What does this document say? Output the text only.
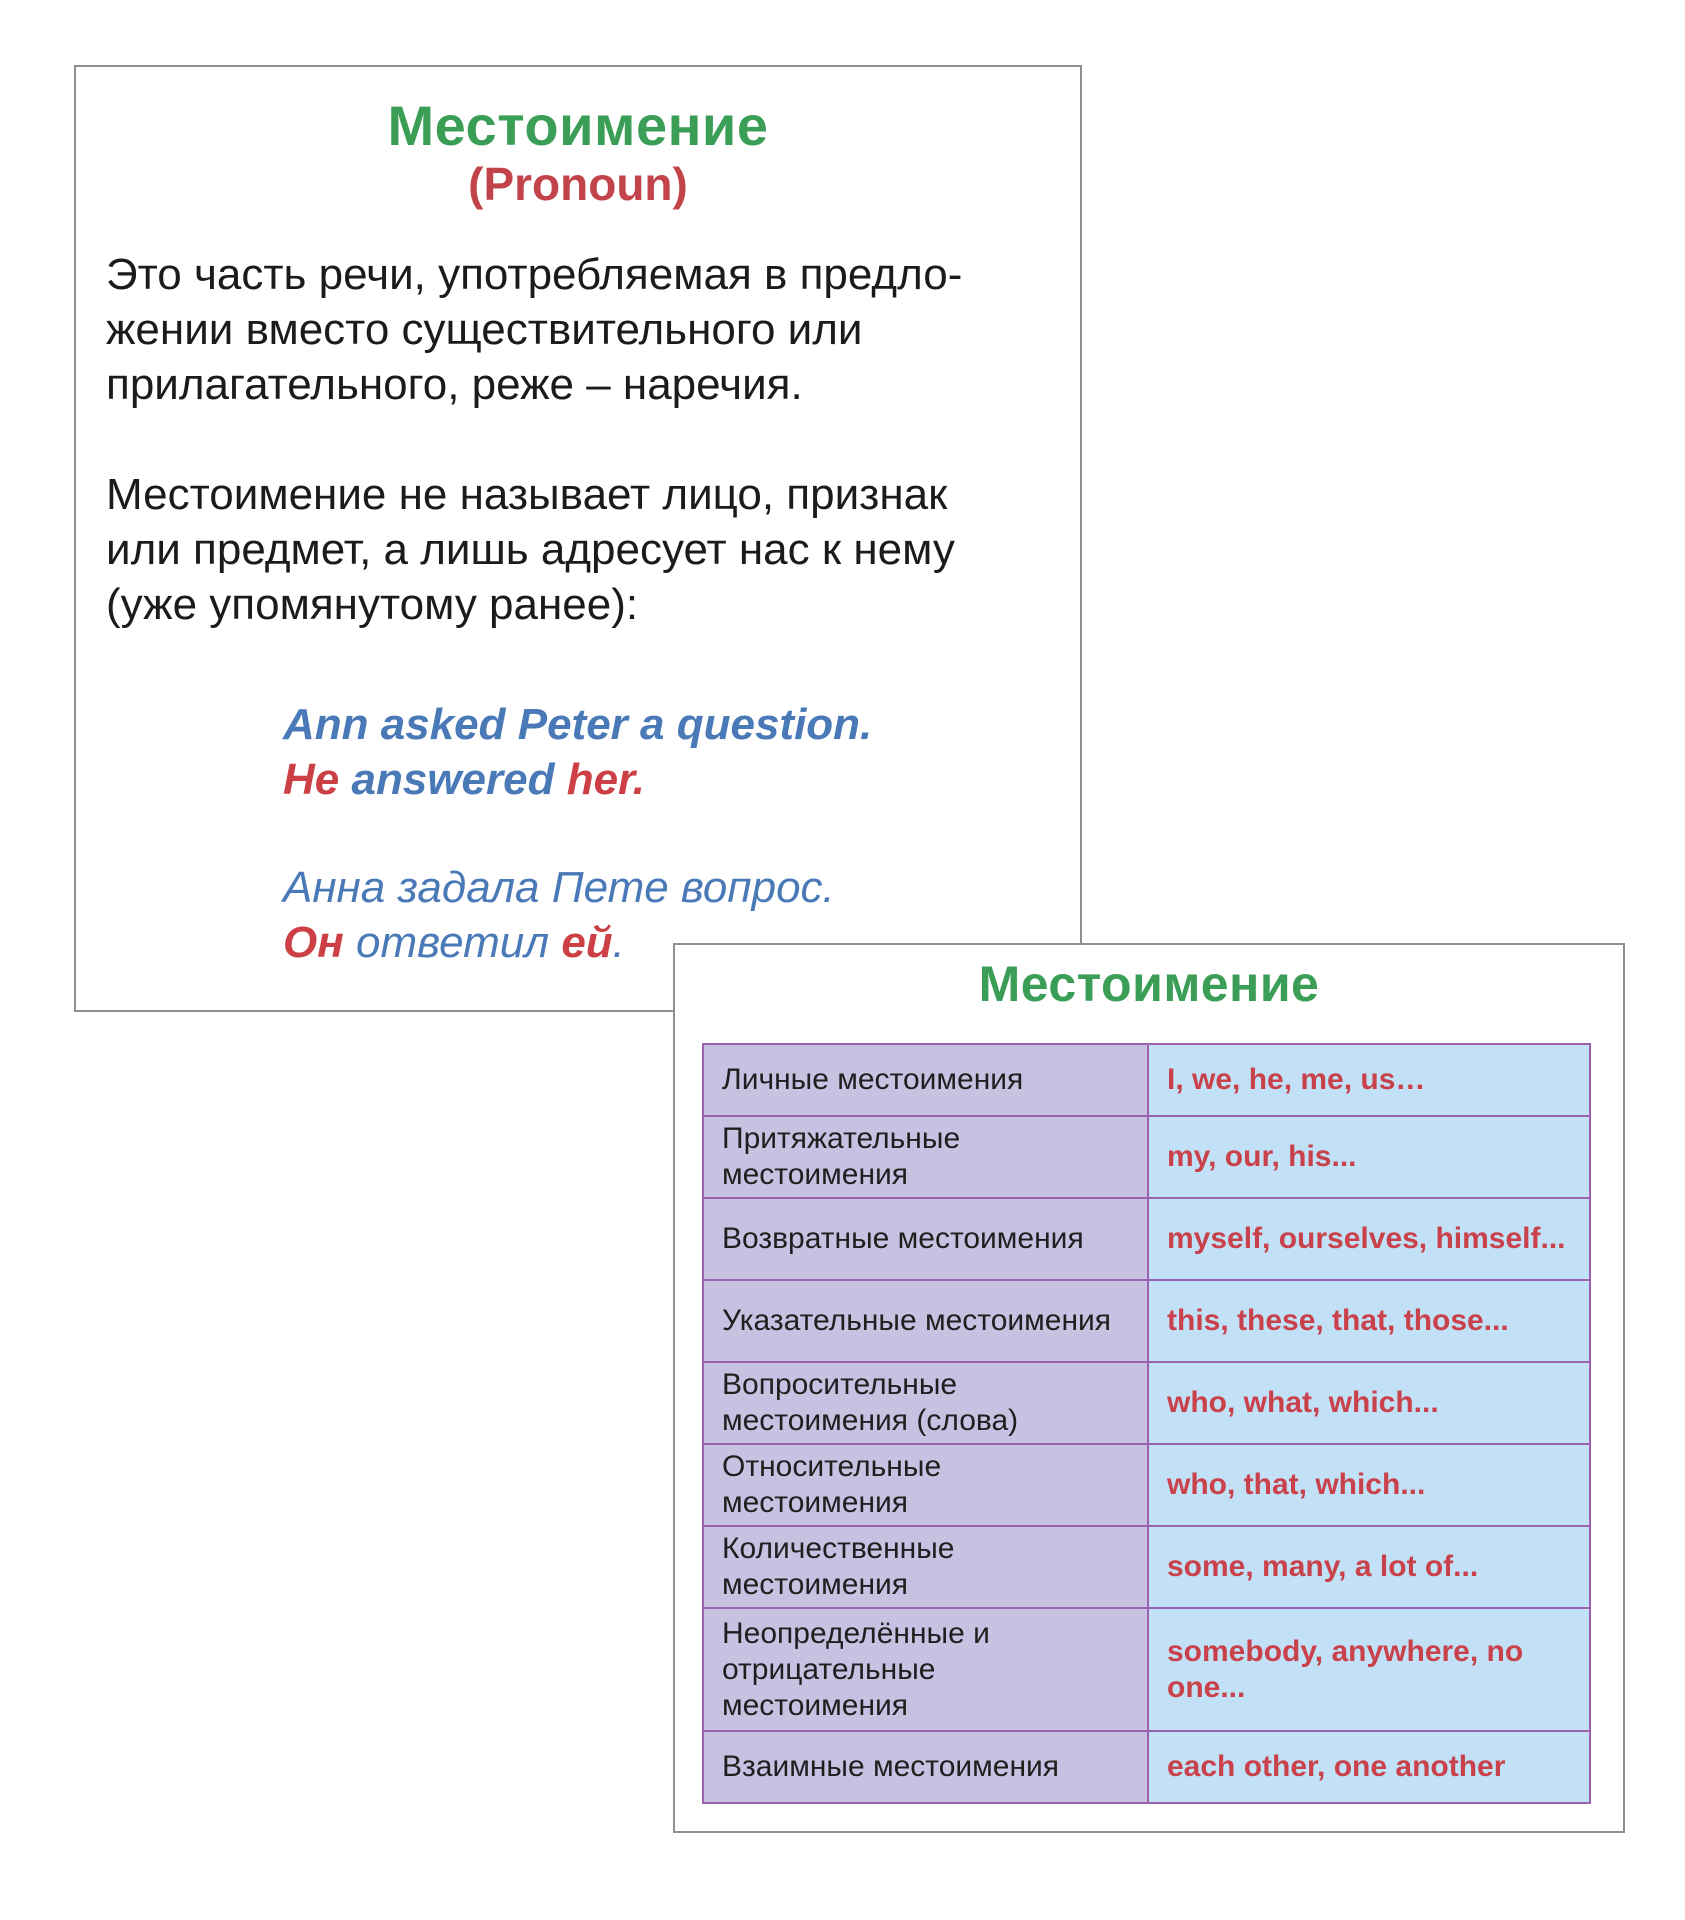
Местоимение
(Pronoun)

Это часть речи, употребляемая в предло-
жении вместо существительного или
прилагательного, реже – наречия.

Местоимение не называет лицо, признак
или предмет, а лишь адресует нас к нему
(уже упомянутому ранее):

Ann asked Peter a question.
He answered her.

Анна задала Пете вопрос.
Он ответил ей.

Местоимение
Личные местоимения	I, we, he, me, us…
Притяжательные местоимения	my, our, his...
Возвратные местоимения	myself, ourselves, himself...
Указательные местоимения	this, these, that, those...
Вопросительные местоимения (слова)	who, what, which...
Относительные местоимения	who, that, which...
Количественные местоимения	some, many, a lot of...
Неопределённые и отрицательные местоимения	somebody, anywhere, no one...
Взаимные местоимения	each other, one another
